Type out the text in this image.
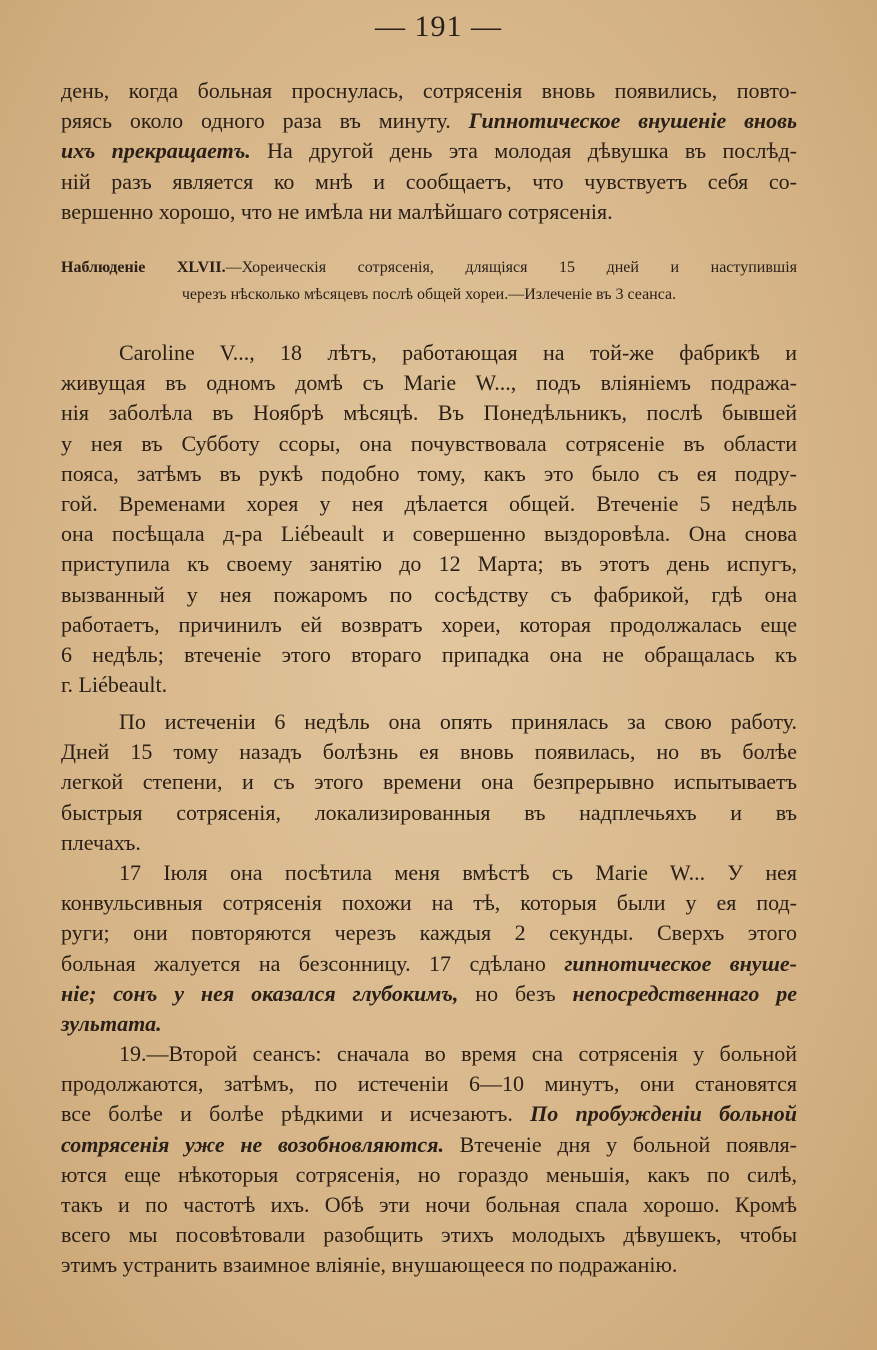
— 191 —
день, когда больная проснулась, сотрясенія вновь появились, повто-
ряясь около одного раза въ минуту. Гипнотическое внушеніе вновь
ихъ прекращаетъ. На другой день эта молодая дѣвушка въ послѣд-
ній разъ является ко мнѣ и сообщаетъ, что чувствуетъ себя со-
вершенно хорошо, что не имѣла ни малѣйшаго сотрясенія.
Наблюденіе XLVII.—Хореическія сотрясенія, длящіяся 15 дней и наступившія
черезъ нѣсколько мѣсяцевъ послѣ общей хореи.—Излеченіе въ 3 сеанса.
Caroline V..., 18 лѣтъ, работающая на той-же фабрикѣ и
живущая въ одномъ домѣ съ Marie W..., подъ вліяніемъ подража-
нія заболѣла въ Ноябрѣ мѣсяцѣ. Въ Понедѣльникъ, послѣ бывшей
у нея въ Субботу ссоры, она почувствовала сотрясеніе въ области
пояса, затѣмъ въ рукѣ подобно тому, какъ это было съ ея подру-
гой. Временами хорея у нея дѣлается общей. Втеченіе 5 недѣль
она посѣщала д-ра Liébeault и совершенно выздоровѣла. Она снова
приступила къ своему занятію до 12 Марта; въ этотъ день испугъ,
вызванный у нея пожаромъ по сосѣдству съ фабрикой, гдѣ она
работаетъ, причинилъ ей возвратъ хореи, которая продолжалась еще
6 недѣль; втеченіе этого втораго припадка она не обращалась къ
г. Liébeault.
По истеченіи 6 недѣль она опять принялась за свою работу.
Дней 15 тому назадъ болѣзнь ея вновь появилась, но въ болѣе
легкой степени, и съ этого времени она безпрерывно испытываетъ
быстрыя сотрясенія, локализированныя въ надплечьяхъ и въ
плечахъ.
17 Іюля она посѣтила меня вмѣстѣ съ Marie W... У нея
конвульсивныя сотрясенія похожи на тѣ, которыя были у ея под-
руги; они повторяются черезъ каждыя 2 секунды. Сверхъ этого
больная жалуется на безсонницу. 17 сдѣлано гипнотическое внуше-
ніе; сонъ у нея оказался глубокимъ, но безъ непосредственнаго ре
зультата.
19.—Второй сеансъ: сначала во время сна сотрясенія у больной
продолжаются, затѣмъ, по истеченіи 6—10 минутъ, они становятся
все болѣе и болѣе рѣдкими и исчезаютъ. По пробужденіи больной
сотрясенія уже не возобновляются. Втеченіе дня у больной появля-
ются еще нѣкоторыя сотрясенія, но гораздо меньшія, какъ по силѣ,
такъ и по частотѣ ихъ. Обѣ эти ночи больная спала хорошо. Кромѣ
всего мы посовѣтовали разобщить этихъ молодыхъ дѣвушекъ, чтобы
этимъ устранить взаимное вліяніе, внушающееся по подражанію.
